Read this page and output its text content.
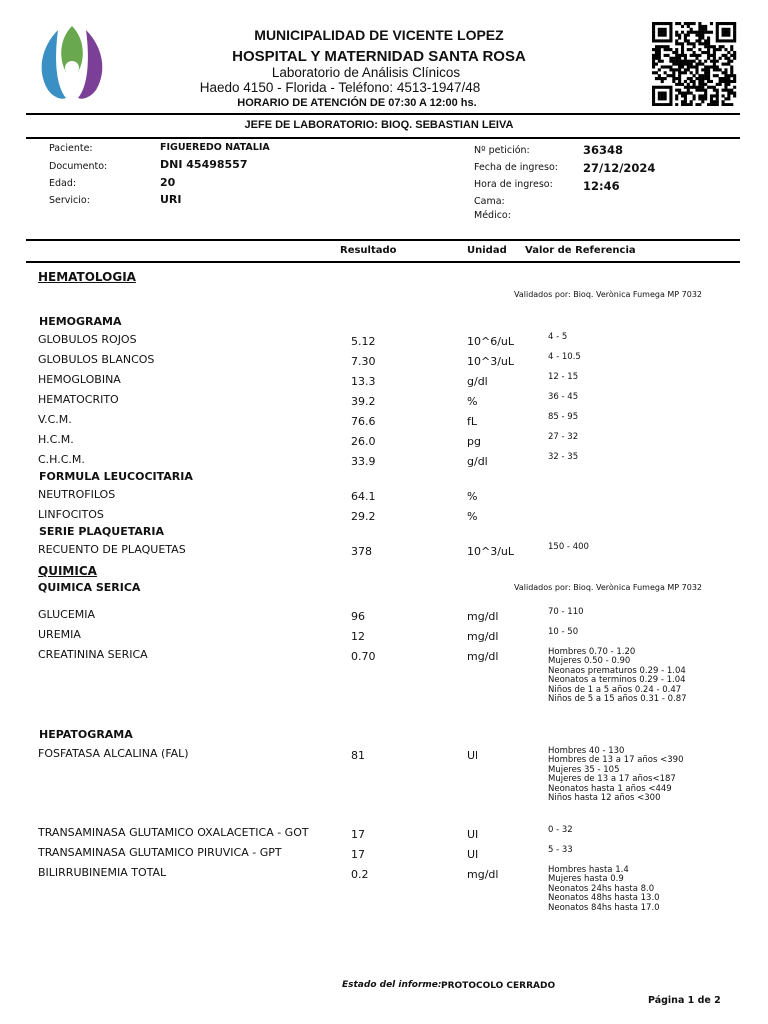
MUNICIPALIDAD DE VICENTE LOPEZ
HOSPITAL Y MATERNIDAD SANTA ROSA
Laboratorio de Análisis Clínicos
Haedo 4150 - Florida - Teléfono: 4513-1947/48
HORARIO DE ATENCIÓN DE 07:30 A 12:00 hs.
JEFE DE LABORATORIO: BIOQ. SEBASTIAN LEIVA
Paciente:	FIGUEREDO NATALIA
Documento:	DNI 45498557
Edad:	20
Servicio:	URI
Nº petición:	36348
Fecha de ingreso: 27/12/2024
Hora de ingreso:	12:46
Cama:
Médico:
Resultado	Unidad Valor de Referencia
HEMATOLOGIA
Validados por: Bioq. Verònica Fumega MP 7032
HEMOGRAMA
FORMULA LEUCOCITARIA
SERIE PLAQUETARIA
QUIMICA
QUIMICA SERICA	Validados por: Bioq. Verònica Fumega MP 7032
HEPATOGRAMA
GLOBULOS ROJOS	5.12	10^6/uL	4 - 5
GLOBULOS BLANCOS	7.30	10^3/uL	4 - 10.5
HEMOGLOBINA	13.3	g/dl	12 - 15
HEMATOCRITO	39.2	%	36 - 45
V.C.M.	76.6	fL	85 - 95
H.C.M.	26.0	pg	27 - 32
C.H.C.M.	33.9	g/dl	32 - 35
NEUTROFILOS	64.1	%
LINFOCITOS	29.2	%
RECUENTO DE PLAQUETAS	378	10^3/uL	150 - 400
GLUCEMIA	96	mg/dl	70 - 110
UREMIA	12	mg/dl	10 - 50
CREATININA SERICA	0.70	mg/dl	Hombres 0.70 - 1.20
Mujeres 0.50 - 0.90
Neonaos prematuros 0.29 - 1.04
Neonatos a terminos 0.29 - 1.04
Niños de 1 a 5 años 0.24 - 0.47
Niños de 5 a 15 años 0.31 - 0.87
FOSFATASA ALCALINA (FAL)	81	Ul	Hombres 40 - 130
Hombres de 13 a 17 años <390
Mujeres 35 - 105
Mujeres de 13 a 17 años<187
Neonatos hasta 1 años <449
Niños hasta 12 años <300
TRANSAMINASA GLUTAMICO OXALACETICA - GOT	17	UI	0 - 32
TRANSAMINASA GLUTAMICO PIRUVICA - GPT	17	UI	5 - 33
BILIRRUBINEMIA TOTAL	0.2	mg/dl	Hombres hasta 1.4
Mujeres hasta 0.9
Neonatos 24hs hasta 8.0
Neonatos 48hs hasta 13.0
Neonatos 84hs hasta 17.0
Estado del informe: PROTOCOLO CERRADO
Página 1 de 2
